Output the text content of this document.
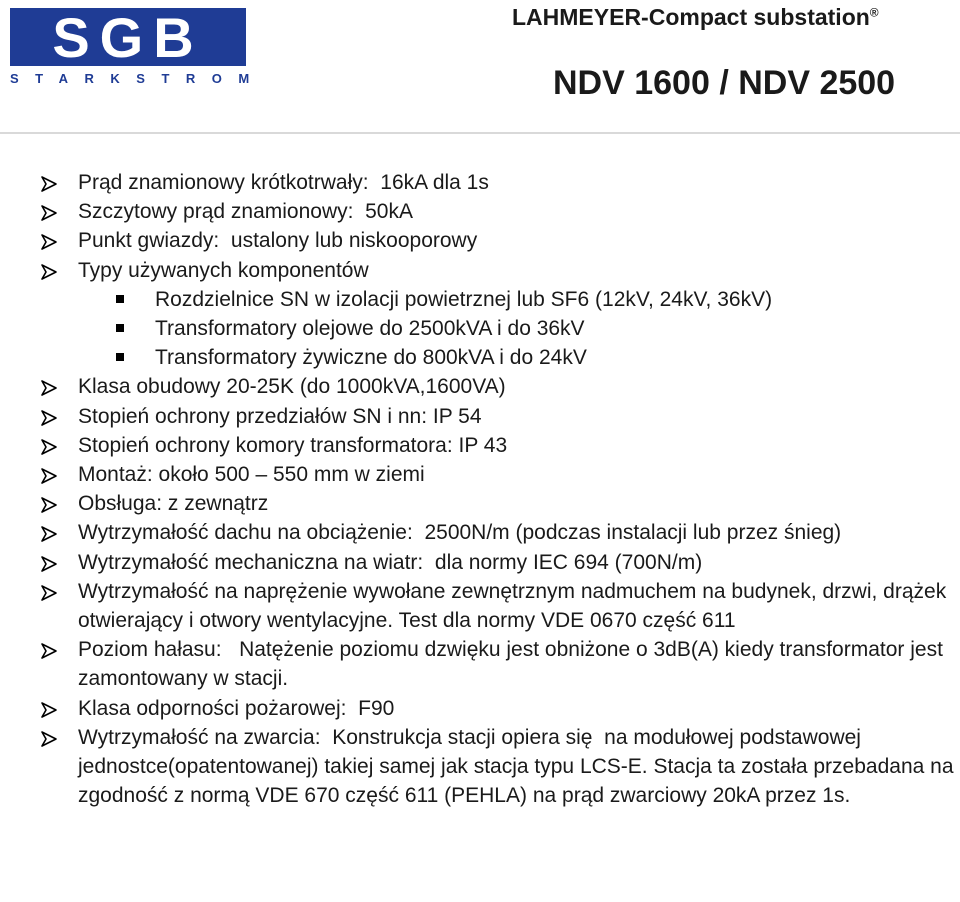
SGB
STARKSTROM
LAHMEYER-Compact substation®
NDV 1600 / NDV 2500

Prąd znamionowy krótkotrwały:  16kA dla 1s

Szczytowy prąd znamionowy:  50kA

Punkt gwiazdy:  ustalony lub niskooporowy

Typy używanych komponentów

Rozdzielnice SN w izolacji powietrznej lub SF6 (12kV, 24kV, 36kV)

Transformatory olejowe do 2500kVA i do 36kV

Transformatory żywiczne do 800kVA i do 24kV

Klasa obudowy 20-25K (do 1000kVA,1600VA)

Stopień ochrony przedziałów SN i nn: IP 54

Stopień ochrony komory transformatora: IP 43

Montaż: około 500 – 550 mm w ziemi

Obsługa: z zewnątrz

Wytrzymałość dachu na obciążenie:  2500N/m (podczas instalacji lub przez śnieg)

Wytrzymałość mechaniczna na wiatr:  dla normy IEC 694 (700N/m)

Wytrzymałość na naprężenie wywołane zewnętrznym nadmuchem na budynek, drzwi, drążek otwierający i otwory wentylacyjne. Test dla normy VDE 0670 część 611

Poziom hałasu:   Natężenie poziomu dzwięku jest obniżone o 3dB(A) kiedy transformator jest zamontowany w stacji.

Klasa odporności pożarowej:  F90

Wytrzymałość na zwarcia:  Konstrukcja stacji opiera się  na modułowej podstawowej jednostce(opatentowanej) takiej samej jak stacja typu LCS-E. Stacja ta została przebadana na zgodność z normą VDE 670 część 611 (PEHLA) na prąd zwarciowy 20kA przez 1s.
